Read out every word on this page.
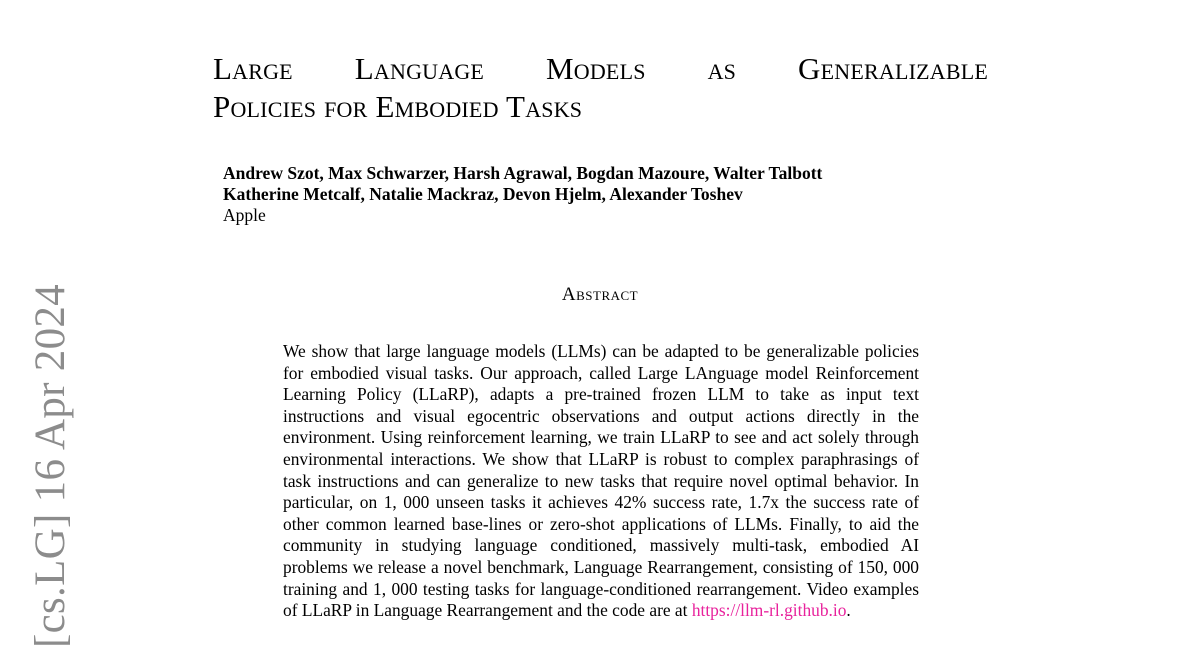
[cs.LG] 16 Apr 2024
Large Language Models as Generalizable
Policies for Embodied Tasks
Andrew Szot, Max Schwarzer, Harsh Agrawal, Bogdan Mazoure, Walter Talbott
Katherine Metcalf, Natalie Mackraz, Devon Hjelm, Alexander Toshev
Apple
Abstract

We show that large language models (LLMs) can be adapted to be generalizable policies for embodied visual tasks. Our approach, called Large LAnguage model Reinforcement Learning Policy (LLaRP), adapts a pre-trained frozen LLM to take as input text instructions and visual egocentric observations and output actions directly in the environment. Using reinforcement learning, we train LLaRP to see and act solely through environmental interactions. We show that LLaRP is robust to complex paraphrasings of task instructions and can generalize to new tasks that require novel optimal behavior. In particular, on 1, 000 unseen tasks it achieves 42% success rate, 1.7x the success rate of other common learned base-lines or zero-shot applications of LLMs. Finally, to aid the community in studying language conditioned, massively multi-task, embodied AI problems we release a novel benchmark, Language Rearrangement, consisting of 150, 000 training and 1, 000 testing tasks for language-conditioned rearrangement. Video examples of LLaRP in Language Rearrangement and the code are at https://llm-rl.github.io.
